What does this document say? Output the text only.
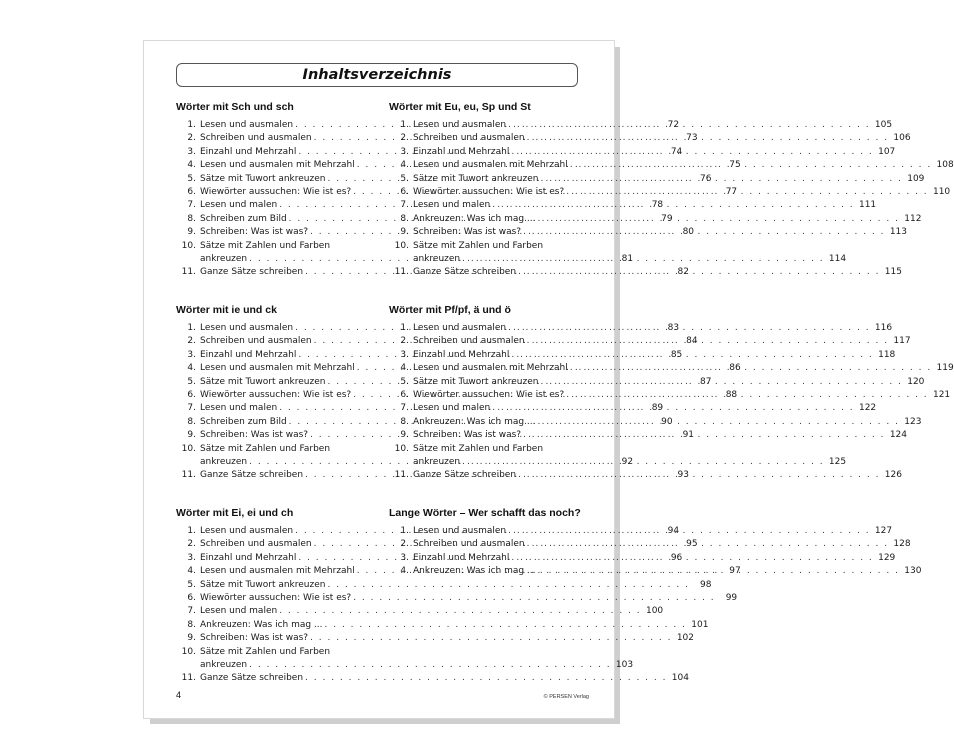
Inhaltsverzeichnis
Wörter mit Sch und sch
1. Lesen und ausmalen . . .	72
2. Schreiben und ausmalen . . .	73
3. Einzahl und Mehrzahl . . .	74
4. Lesen und ausmalen mit Mehrzahl . . .	75
5. Sätze mit Tuwort ankreuzen . . .	76
6. Wiewörter aussuchen: Wie ist es? . . .	77
7. Lesen und malen . . .	78
8. Schreiben zum Bild . . .	79
9. Schreiben: Was ist was? . . .	80
10. Sätze mit Zahlen und Farben
ankreuzen . . .	81
11. Ganze Sätze schreiben . . .	82
Wörter mit Eu, eu, Sp und St
1. Lesen und ausmalen . . .	105
2. Schreiben und ausmalen . . .	106
3. Einzahl und Mehrzahl . . .	107
4. Lesen und ausmalen mit Mehrzahl . . .	108
5. Sätze mit Tuwort ankreuzen . . .	109
6. Wiewörter aussuchen: Wie ist es? . . .	110
7. Lesen und malen . . .	111
8. Ankreuzen: Was ich mag ... . . .	112
9. Schreiben: Was ist was? . . .	113
10. Sätze mit Zahlen und Farben
ankreuzen . . .	114
11. Ganze Sätze schreiben . . .	115
Wörter mit ie und ck
1. Lesen und ausmalen . . .	83
2. Schreiben und ausmalen . . .	84
3. Einzahl und Mehrzahl . . .	85
4. Lesen und ausmalen mit Mehrzahl . . .	86
5. Sätze mit Tuwort ankreuzen . . .	87
6. Wiewörter aussuchen: Wie ist es? . . .	88
7. Lesen und malen . . .	89
8. Schreiben zum Bild . . .	90
9. Schreiben: Was ist was? . . .	91
10. Sätze mit Zahlen und Farben
ankreuzen . . .	92
11. Ganze Sätze schreiben . . .	93
Wörter mit Pf/pf, ä und ö
1. Lesen und ausmalen . . .	116
2. Schreiben und ausmalen . . .	117
3. Einzahl und Mehrzahl . . .	118
4. Lesen und ausmalen mit Mehrzahl . . .	119
5. Sätze mit Tuwort ankreuzen . . .	120
6. Wiewörter aussuchen: Wie ist es? . . .	121
7. Lesen und malen . . .	122
8. Ankreuzen: Was ich mag ... . . .	123
9. Schreiben: Was ist was? . . .	124
10. Sätze mit Zahlen und Farben
ankreuzen . . .	125
11. Ganze Sätze schreiben . . .	126
Wörter mit Ei, ei und ch
1. Lesen und ausmalen . . .	94
2. Schreiben und ausmalen . . .	95
3. Einzahl und Mehrzahl . . .	96
4. Lesen und ausmalen mit Mehrzahl . . .	97
5. Sätze mit Tuwort ankreuzen . . .	98
6. Wiewörter aussuchen: Wie ist es? . . .	99
7. Lesen und malen . . .	100
8. Ankreuzen: Was ich mag ... . . .	101
9. Schreiben: Was ist was? . . .	102
10. Sätze mit Zahlen und Farben
ankreuzen . . .	103
11. Ganze Sätze schreiben . . .	104
Lange Wörter – Wer schafft das noch?
1. Lesen und ausmalen . . .	127
2. Schreiben und ausmalen . . .	128
3. Einzahl und Mehrzahl . . .	129
4. Ankreuzen: Was ich mag ... . . .	130
4	© PERSEN Verlag
